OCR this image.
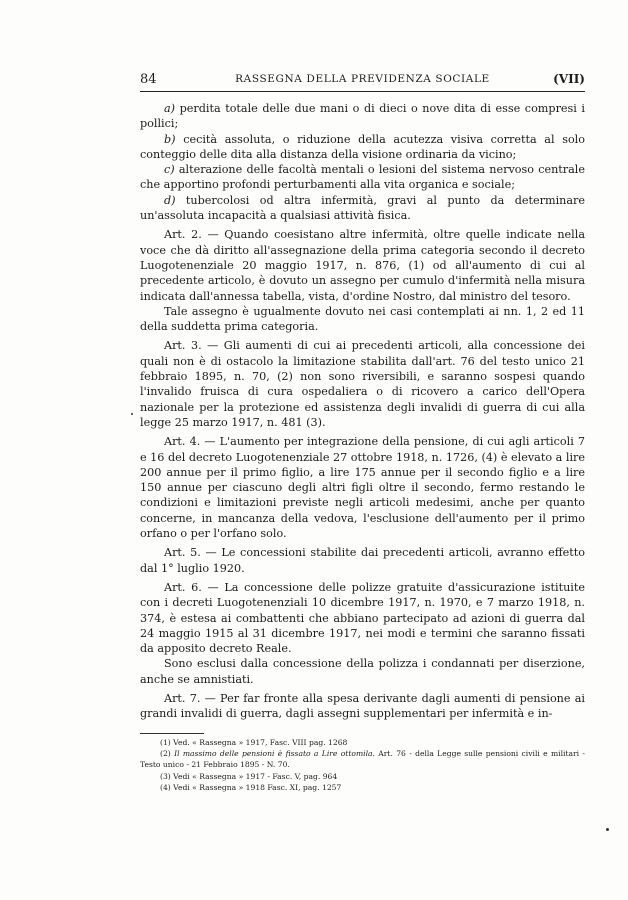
84	RASSEGNA DELLA PREVIDENZA SOCIALE	(VII)

a) perdita totale delle due mani o di dieci o nove dita di esse compresi i pollici;

b) cecità assoluta, o riduzione della acutezza visiva corretta al solo conteggio delle dita alla distanza della visione ordinaria da vicino;

c) alterazione delle facoltà mentali o lesioni del sistema nervoso centrale che apportino profondi perturbamenti alla vita organica e sociale;

d) tubercolosi od altra infermità, gravi al punto da determinare un'assoluta incapacità a qualsiasi attività fisica.

Art. 2. — Quando coesistano altre infermità, oltre quelle indicate nella voce che dà diritto all'assegnazione della prima categoria secondo il decreto Luogotenenziale 20 maggio 1917, n. 876, (1) od all'aumento di cui al precedente articolo, è dovuto un assegno per cumulo d'infermità nella misura indicata dall'annessa tabella, vista, d'ordine Nostro, dal ministro del tesoro.

Tale assegno è ugualmente dovuto nei casi contemplati ai nn. 1, 2 ed 11 della suddetta prima categoria.

Art. 3. — Gli aumenti di cui ai precedenti articoli, alla concessione dei quali non è di ostacolo la limitazione stabilita dall'art. 76 del testo unico 21 febbraio 1895, n. 70, (2) non sono riversibili, e saranno sospesi quando l'invalido fruisca di cura ospedaliera o di ricovero a carico dell'Opera nazionale per la protezione ed assistenza degli invalidi di guerra di cui alla legge 25 marzo 1917, n. 481 (3).

Art. 4. — L'aumento per integrazione della pensione, di cui agli articoli 7 e 16 del decreto Luogotenenziale 27 ottobre 1918, n. 1726, (4) è elevato a lire 200 annue per il primo figlio, a lire 175 annue per il secondo figlio e a lire 150 annue per ciascuno degli altri figli oltre il secondo, fermo restando le condizioni e limitazioni previste negli articoli medesimi, anche per quanto concerne, in mancanza della vedova, l'esclusione dell'aumento per il primo orfano o per l'orfano solo.

Art. 5. — Le concessioni stabilite dai precedenti articoli, avranno effetto dal 1° luglio 1920.

Art. 6. — La concessione delle polizze gratuite d'assicurazione istituite con i decreti Luogotenenziali 10 dicembre 1917, n. 1970, e 7 marzo 1918, n. 374, è estesa ai combattenti che abbiano partecipato ad azioni di guerra dal 24 maggio 1915 al 31 dicembre 1917, nei modi e termini che saranno fissati da apposito decreto Reale.

Sono esclusi dalla concessione della polizza i condannati per diserzione, anche se amnistiati.

Art. 7. — Per far fronte alla spesa derivante dagli aumenti di pensione ai grandi invalidi di guerra, dagli assegni supplementari per infermità e in-

(1) Ved. « Rassegna » 1917, Fasc. VIII pag. 1268

(2) Il massimo delle pensioni è fissato a Lire ottomila. Art. 76 - della Legge sulle pensioni civili e militari - Testo unico - 21 Febbraio 1895 - N. 70.

(3) Vedi « Rassegna » 1917 - Fasc. V, pag. 964

(4) Vedi « Rassegna » 1918 Fasc. XI, pag. 1257
